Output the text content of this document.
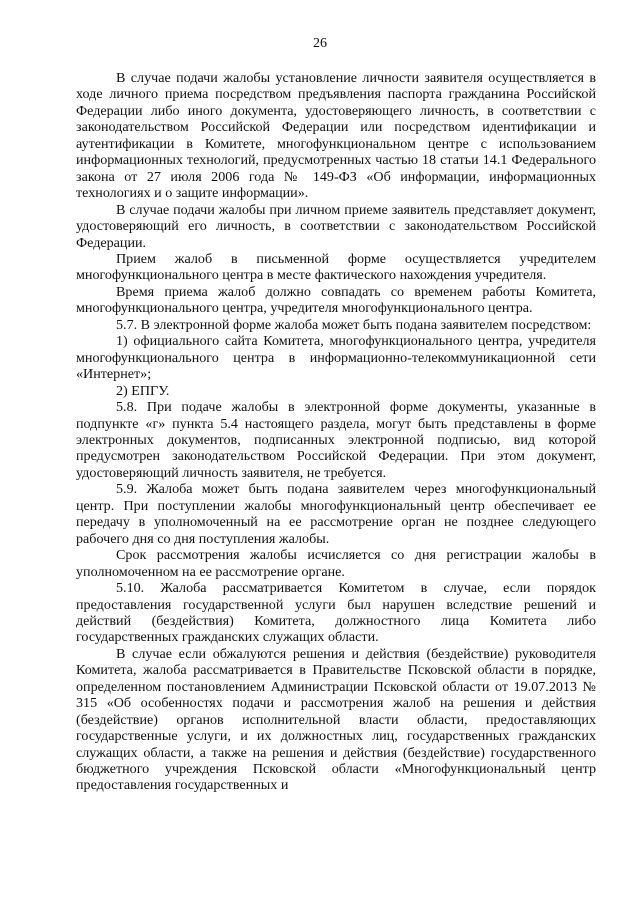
26

В случае подачи жалобы установление личности заявителя осуществляется в ходе личного приема посредством предъявления паспорта гражданина Российской Федерации либо иного документа, удостоверяющего личность, в соответствии с законодательством Российской Федерации или посредством идентификации и аутентификации в Комитете, многофункциональном центре с использованием информационных технологий, предусмотренных частью 18 статьи 14.1 Федерального закона от 27 июля 2006 года № 149-ФЗ «Об информации, информационных технологиях и о защите информации».

В случае подачи жалобы при личном приеме заявитель представляет документ, удостоверяющий его личность, в соответствии с законодательством Российской Федерации.

Прием жалоб в письменной форме осуществляется учредителем многофункционального центра в месте фактического нахождения учредителя.

Время приема жалоб должно совпадать со временем работы Комитета, многофункционального центра, учредителя многофункционального центра.

5.7. В электронной форме жалоба может быть подана заявителем посредством:

1) официального сайта Комитета, многофункционального центра, учредителя многофункционального центра в информационно-телекоммуникационной сети «Интернет»;

2) ЕПГУ.

5.8. При подаче жалобы в электронной форме документы, указанные в подпункте «г» пункта 5.4 настоящего раздела, могут быть представлены в форме электронных документов, подписанных электронной подписью, вид которой предусмотрен законодательством Российской Федерации. При этом документ, удостоверяющий личность заявителя, не требуется.

5.9. Жалоба может быть подана заявителем через многофункциональный центр. При поступлении жалобы многофункциональный центр обеспечивает ее передачу в уполномоченный на ее рассмотрение орган не позднее следующего рабочего дня со дня поступления жалобы.

Срок рассмотрения жалобы исчисляется со дня регистрации жалобы в уполномоченном на ее рассмотрение органе.

5.10. Жалоба рассматривается Комитетом в случае, если порядок предоставления государственной услуги был нарушен вследствие решений и действий (бездействия) Комитета, должностного лица Комитета либо государственных гражданских служащих области.

В случае если обжалуются решения и действия (бездействие) руководителя Комитета, жалоба рассматривается в Правительстве Псковской области в порядке, определенном постановлением Администрации Псковской области от 19.07.2013 № 315 «Об особенностях подачи и рассмотрения жалоб на решения и действия (бездействие) органов исполнительной власти области, предоставляющих государственные услуги, и их должностных лиц, государственных гражданских служащих области, а также на решения и действия (бездействие) государственного бюджетного учреждения Псковской области «Многофункциональный центр предоставления государственных и
